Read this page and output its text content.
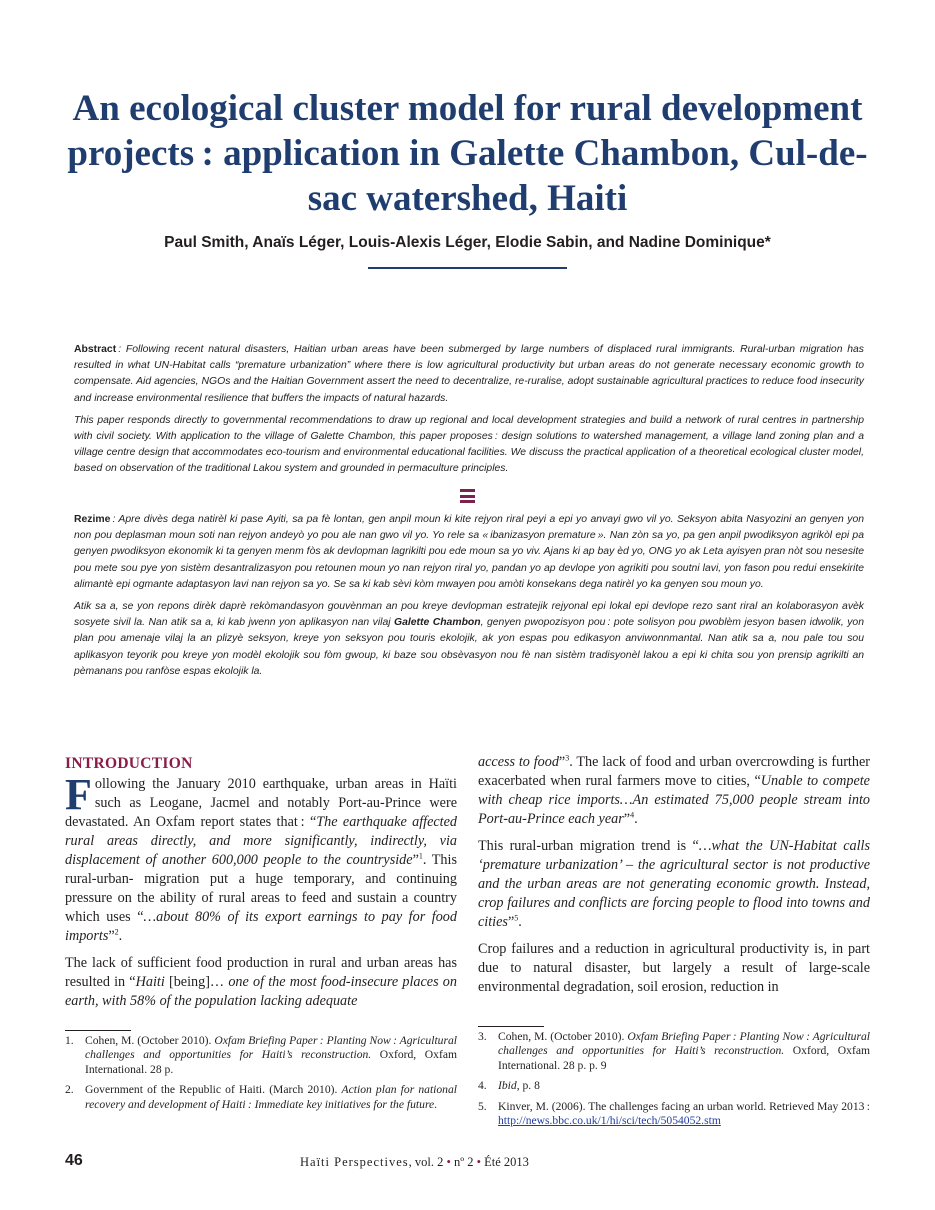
An ecological cluster model for rural development projects : application in Galette Chambon, Cul-de-sac watershed, Haiti
Paul Smith, Anaïs Léger, Louis-Alexis Léger, Elodie Sabin, and Nadine Dominique*

Abstract : Following recent natural disasters, Haitian urban areas have been submerged by large numbers of displaced rural immigrants. Rural-urban migration has resulted in what UN-Habitat calls “premature urbanization” where there is low agricultural productivity but urban areas do not generate necessary economic growth to compensate. Aid agencies, NGOs and the Haitian Government assert the need to decentralize, re-ruralise, adopt sustainable agricultural practices to reduce food insecurity and increase environmental resilience that buffers the impacts of natural hazards.

This paper responds directly to governmental recommendations to draw up regional and local development strategies and build a network of rural centres in partnership with civil society. With application to the village of Galette Chambon, this paper proposes : design solutions to watershed management, a village land zoning plan and a village centre design that accommodates eco-tourism and environmental educational facilities. We discuss the practical application of a theoretical ecological cluster model, based on observation of the traditional Lakou system and grounded in permaculture principles.

Rezime : Apre divès dega natirèl ki pase Ayiti, sa pa fè lontan, gen anpil moun ki kite rejyon riral peyi a epi yo anvayi gwo vil yo. Seksyon abita Nasyozini an genyen yon non pou deplasman moun soti nan rejyon andeyò yo pou ale nan gwo vil yo. Yo rele sa « ibanizasyon premature ». Nan zòn sa yo, pa gen anpil pwodiksyon agrikòl epi pa genyen pwodiksyon ekonomik ki ta genyen menm fòs ak devlopman lagrikilti pou ede moun sa yo viv. Ajans ki ap bay èd yo, ONG yo ak Leta ayisyen pran nòt sou nesesite pou mete sou pye yon sistèm desantralizasyon pou retounen moun yo nan rejyon riral yo, pandan yo ap devlope yon agrikiti pou soutni lavi, yon fason pou redui ensekirite alimantè epi ogmante adaptasyon lavi nan rejyon sa yo. Se sa ki kab sèvi kòm mwayen pou amòti konsekans dega natirèl yo ka genyen sou moun yo.

Atik sa a, se yon repons dirèk daprè rekòmandasyon gouvènman an pou kreye devlopman estratejik rejyonal epi lokal epi devlope rezo sant riral an kolaborasyon avèk sosyete sivil la. Nan atik sa a, ki kab jwenn yon aplikasyon nan vilaj Galette Chambon, genyen pwopozisyon pou : pote solisyon pou pwoblèm jesyon basen idwolik, yon plan pou amenaje vilaj la an plizyè seksyon, kreye yon seksyon pou touris ekolojik, ak yon espas pou edikasyon anviwonnmantal. Nan atik sa a, nou pale tou sou aplikasyon teyorik pou kreye yon modèl ekolojik sou fòm gwoup, ki baze sou obsèvasyon nou fè nan sistèm tradisyonèl lakou a epi ki chita sou yon prensip agrikilti an pèmanans pou ranfòse espas ekolojik la.

INTRODUCTION

Following the January 2010 earthquake, urban areas in Haïti such as Leogane, Jacmel and notably Port-au-Prince were devastated. An Oxfam report states that : “The earthquake affected rural areas directly, and more significantly, indirectly, via displacement of another 600,000 people to the countryside”$^1$. This rural-urban- migration put a huge temporary, and continuing pressure on the ability of rural areas to feed and sustain a country which uses “…about 80% of its export earnings to pay for food imports”$^2$.

The lack of sufficient food production in rural and urban areas has resulted in “Haiti [being]… one of the most food-insecure places on earth, with 58% of the population lacking adequate

access to food”$^3$. The lack of food and urban overcrowding is further exacerbated when rural farmers move to cities, “Unable to compete with cheap rice imports…An estimated 75,000 people stream into Port-au-Prince each year”$^4$.

This rural-urban migration trend is “…what the UN-Habitat calls ‘premature urbanization’ – the agricultural sector is not productive and the urban areas are not generating economic growth. Instead, crop failures and conflicts are forcing people to flood into towns and cities”$^5$.

Crop failures and a reduction in agricultural productivity is, in part due to natural disaster, but largely a result of large-scale environmental degradation, soil erosion, reduction in

1. Cohen, M. (October 2010). Oxfam Briefing Paper : Planting Now : Agricultural challenges and opportunities for Haiti’s reconstruction. Oxford, Oxfam International. 28 p.
2. Government of the Republic of Haiti. (March 2010). Action plan for national recovery and development of Haiti : Immediate key initiatives for the future.
3. Cohen, M. (October 2010). Oxfam Briefing Paper : Planting Now : Agricultural challenges and opportunities for Haiti’s reconstruction. Oxford, Oxfam International. 28 p. p. 9
4. Ibid, p. 8
5. Kinver, M. (2006). The challenges facing an urban world. Retrieved May 2013 : http://news.bbc.co.uk/1/hi/sci/tech/5054052.stm
46	Haïti Perspectives, vol. 2 • nº 2 • Été 2013
